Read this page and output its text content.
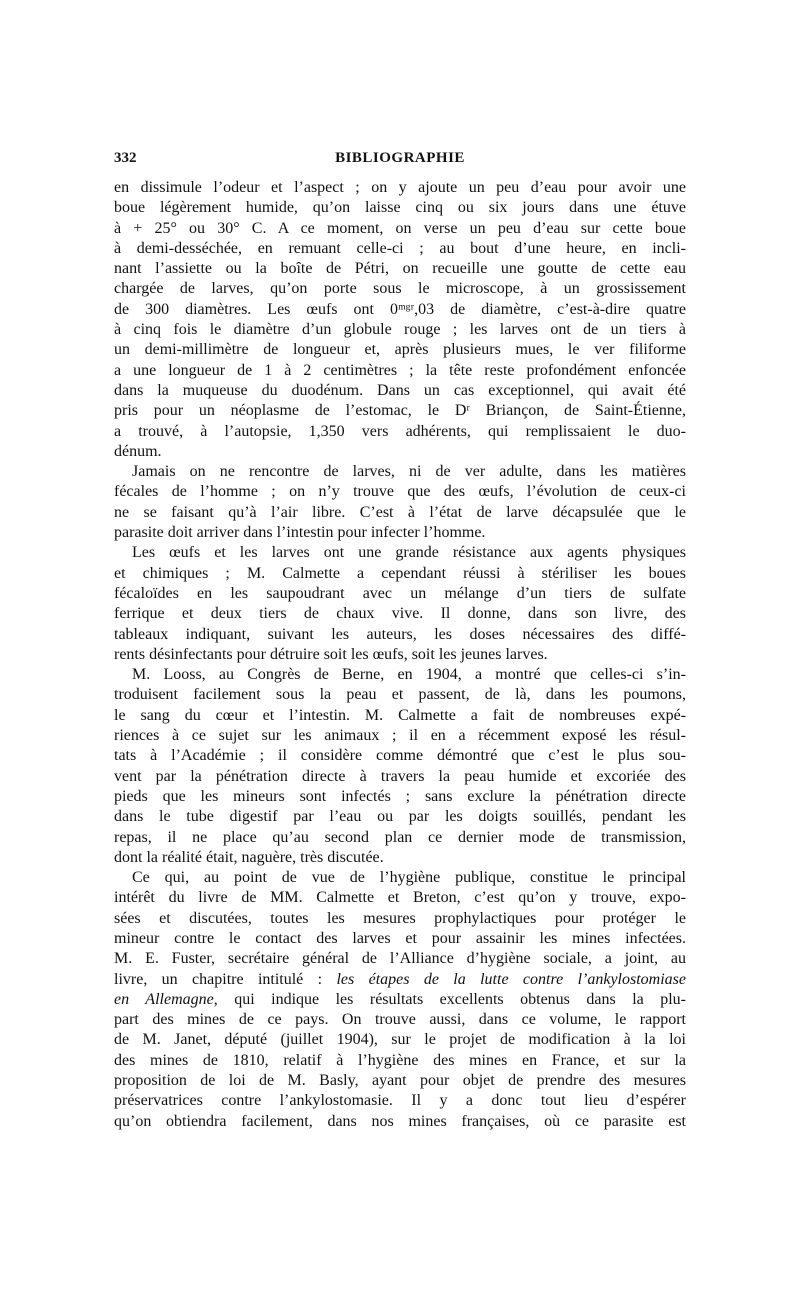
332	BIBLIOGRAPHIE
en dissimule l’odeur et l’aspect ; on y ajoute un peu d’eau pour avoir une
boue légèrement humide, qu’on laisse cinq ou six jours dans une étuve
à + 25° ou 30° C. A ce moment, on verse un peu d’eau sur cette boue
à demi-desséchée, en remuant celle-ci ; au bout d’une heure, en incli-
nant l’assiette ou la boîte de Pétri, on recueille une goutte de cette eau
chargée de larves, qu’on porte sous le microscope, à un grossissement
de 300 diamètres. Les œufs ont 0ᵐᵍʳ,03 de diamètre, c’est-à-dire quatre
à cinq fois le diamètre d’un globule rouge ; les larves ont de un tiers à
un demi-millimètre de longueur et, après plusieurs mues, le ver filiforme
a une longueur de 1 à 2 centimètres ; la tête reste profondément enfoncée
dans la muqueuse du duodénum. Dans un cas exceptionnel, qui avait été
pris pour un néoplasme de l’estomac, le Dʳ Briançon, de Saint-Étienne,
a trouvé, à l’autopsie, 1,350 vers adhérents, qui remplissaient le duo-
dénum.
Jamais on ne rencontre de larves, ni de ver adulte, dans les matières
fécales de l’homme ; on n’y trouve que des œufs, l’évolution de ceux-ci
ne se faisant qu’à l’air libre. C’est à l’état de larve décapsulée que le
parasite doit arriver dans l’intestin pour infecter l’homme.
Les œufs et les larves ont une grande résistance aux agents physiques
et chimiques ; M. Calmette a cependant réussi à stériliser les boues
fécaloïdes en les saupoudrant avec un mélange d’un tiers de sulfate
ferrique et deux tiers de chaux vive. Il donne, dans son livre, des
tableaux indiquant, suivant les auteurs, les doses nécessaires des diffé-
rents désinfectants pour détruire soit les œufs, soit les jeunes larves.
M. Looss, au Congrès de Berne, en 1904, a montré que celles-ci s’in-
troduisent facilement sous la peau et passent, de là, dans les poumons,
le sang du cœur et l’intestin. M. Calmette a fait de nombreuses expé-
riences à ce sujet sur les animaux ; il en a récemment exposé les résul-
tats à l’Académie ; il considère comme démontré que c’est le plus sou-
vent par la pénétration directe à travers la peau humide et excoriée des
pieds que les mineurs sont infectés ; sans exclure la pénétration directe
dans le tube digestif par l’eau ou par les doigts souillés, pendant les
repas, il ne place qu’au second plan ce dernier mode de transmission,
dont la réalité était, naguère, très discutée.
Ce qui, au point de vue de l’hygiène publique, constitue le principal
intérêt du livre de MM. Calmette et Breton, c’est qu’on y trouve, expo-
sées et discutées, toutes les mesures prophylactiques pour protéger le
mineur contre le contact des larves et pour assainir les mines infectées.
M. E. Fuster, secrétaire général de l’Alliance d’hygiène sociale, a joint, au
livre, un chapitre intitulé : les étapes de la lutte contre l’ankylostomiase
en Allemagne, qui indique les résultats excellents obtenus dans la plu-
part des mines de ce pays. On trouve aussi, dans ce volume, le rapport
de M. Janet, député (juillet 1904), sur le projet de modification à la loi
des mines de 1810, relatif à l’hygiène des mines en France, et sur la
proposition de loi de M. Basly, ayant pour objet de prendre des mesures
préservatrices contre l’ankylostomasie. Il y a donc tout lieu d’espérer
qu’on obtiendra facilement, dans nos mines françaises, où ce parasite est
